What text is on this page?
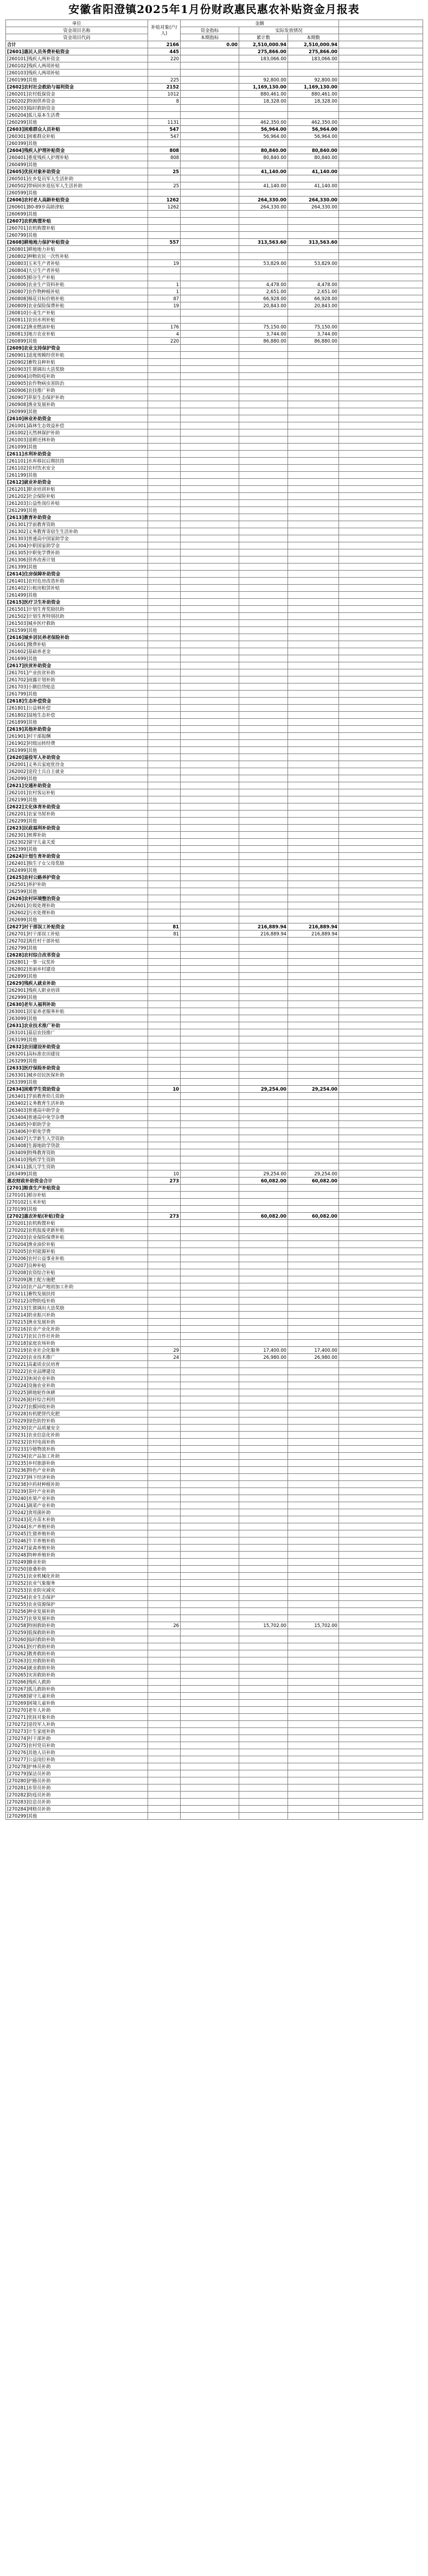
安徽省阳澄镇2025年1月份财政惠民惠农补贴资金月报表
单位	补贴对象(户/人)	金额			
资金项目名称		资金指标	实际发放情况		
资金项目代码		本期指标	累计数	本期数	
合计	2166	0.00	2,510,000.94	2,510,000.94	
[2601]惠民人员务费补贴资金	445		275,866.00	275,866.00	
[260101]残疾人两补资金	220		183,066.00	183,066.00	
[260102]残疾人两项补贴					
[260103]残疾人两项补贴					
[260199]其他	225		92,800.00	92,800.00	
[2602]农村社会救助与福利资金	2152		1,169,130.00	1,169,130.00	
[260201]农村低保资金	1012		880,461.00	880,461.00	
[260202]特困供养资金	8		18,328.00	18,328.00	
[260203]临时救助资金					
[260204]孤儿基本生活费					
[260299]其他	1131		462,350.00	462,350.00	
[2603]困难群众人员补贴	547		56,964.00	56,964.00	
[260301]困难群众补贴	547		56,964.00	56,964.00	
[260399]其他					
[2604]残疾人护理补贴资金	808		80,840.00	80,840.00	
[260401]重度残疾人护理补贴	808		80,840.00	80,840.00	
[260499]其他					
[2605]优抚对象补助资金	25		41,140.00	41,140.00	
[260501]在乡复员军人生活补助					
[260502]带病回乡退伍军人生活补助	25		41,140.00	41,140.00	
[260599]其他					
[2606]农村老人高龄补贴资金	1262		264,330.00	264,330.00	
[260601]80-89岁高龄津贴	1262		264,330.00	264,330.00	
[260699]其他					
[2607]农机购置补贴					
[260701]农机购置补贴					
[260799]其他					
[2608]耕地地力保护补贴资金	557		313,563.60	313,563.60	
[260801]耕地地力补贴					
[260802]种粮农民一次性补贴					
[260803]玉米生产者补贴	19		53,829.00	53,829.00	
[260804]大豆生产者补贴					
[260805]稻谷生产补贴					
[260806]农业生产资料补贴	1		4,478.00	4,478.00	
[260807]农作物种植补贴	1		2,651.00	2,651.00	
[260808]棉花目标价格补贴	87		66,928.00	66,928.00	
[260809]农业保险保费补贴	19		20,843.00	20,843.00	
[260810]小麦生产补贴					
[260811]农田水利补贴					
[260812]渔业燃油补贴	176		75,150.00	75,150.00	
[260813]地方农业补贴	4		3,744.00	3,744.00	
[260899]其他	220		86,880.00	86,880.00	
[2609]农业支持保护资金					
[260901]适度规模经营补贴					
[260902]畜牧良种补贴					
[260903]生猪调出大县奖励					
[260904]动物防疫补助					
[260905]农作物病虫害防治					
[260906]农技推广补助					
[260907]草原生态保护补助					
[260908]渔业发展补助					
[260999]其他					
[2610]林业补助资金					
[261001]森林生态效益补偿					
[261002]天然林保护补助					
[261003]退耕还林补助					
[261099]其他					
[2611]水利补助资金					
[261101]水库移民后期扶持					
[261102]农村饮水安全					
[261199]其他					
[2612]就业补助资金					
[261201]职业培训补贴					
[261202]社会保险补贴					
[261203]公益性岗位补贴					
[261299]其他					
[2613]教育补助资金					
[261301]学前教育资助					
[261302]义务教育寄宿生生活补助					
[261303]普通高中国家助学金					
[261304]中职国家助学金					
[261305]中职免学费补助					
[261306]营养改善计划					
[261399]其他					
[2614]住房保障补助资金					
[261401]农村危房改造补助					
[261402]公租房租赁补贴					
[261499]其他					
[2615]医疗卫生补助资金					
[261501]计划生育奖励扶助					
[261502]计划生育特别扶助					
[261503]城乡医疗救助					
[261599]其他					
[2616]城乡居民养老保险补助					
[261601]缴费补贴					
[261602]基础养老金					
[261699]其他					
[2617]扶贫补助资金					
[261701]产业扶贫补助					
[261702]雨露计划补助					
[261703]小额信贷贴息					
[261799]其他					
[2618]生态补偿资金					
[261801]公益林补偿					
[261802]湿地生态补偿					
[261899]其他					
[2619]其他补助资金					
[261901]村干部报酬					
[261902]村级运转经费					
[261999]其他					
[2620]退役军人补助资金					
[262001]义务兵家庭优待金					
[262002]退役士兵自主就业					
[262099]其他					
[2621]交通补助资金					
[262101]农村客运补贴					
[262199]其他					
[2622]文化体育补助资金					
[262201]农家书屋补助					
[262299]其他					
[2623]民政福利补助资金					
[262301]殡葬补助					
[262302]留守儿童关爱					
[262399]其他					
[2624]计划生育补助资金					
[262401]独生子女父母奖励					
[262499]其他					
[2625]农村公路养护资金					
[262501]养护补助					
[262599]其他					
[2626]农村环境整治资金					
[262601]垃圾处理补助					
[262602]污水处理补助					
[262699]其他					
[2627]村干部误工补贴资金	81		216,889.94	216,889.94	
[262701]村干部误工补贴	81		216,889.94	216,889.94	
[262702]离任村干部补贴					
[262799]其他					
[2628]农村综合改革资金					
[262801]一事一议奖补					
[262802]美丽乡村建设					
[262899]其他					
[2629]残疾人就业补助					
[262901]残疾人职业培训					
[262999]其他					
[2630]老年人福利补助					
[263001]居家养老服务补贴					
[263099]其他					
[2631]农业技术推广补助					
[263101]基层农技推广					
[263199]其他					
[2632]农田建设补助资金					
[263201]高标准农田建设					
[263299]其他					
[2633]医疗保险补助资金					
[263301]城乡居民医保补助					
[263399]其他					
[2634]困难学生资助资金	10		29,254.00	29,254.00	
[263401]学前教育幼儿资助					
[263402]义务教育生活补助					
[263403]普通高中助学金					
[263404]普通高中免学杂费					
[263405]中职助学金					
[263406]中职免学费					
[263407]大学新生入学资助					
[263408]生源地助学贷款					
[263409]特殊教育资助					
[263410]残疾学生资助					
[263411]孤儿学生资助					
[263499]其他	10		29,254.00	29,254.00	
惠农财政补助资金合计	273		60,082.00	60,082.00	
[2701]粮食生产补贴资金					
[270101]稻谷补贴					
[270102]玉米补贴					
[270199]其他					
[2702]惠农补贴(补贴)资金	273		60,082.00	60,082.00	
[270201]农机购置补贴					
[270202]农机报废更新补贴					
[270203]农业保险保费补贴					
[270204]渔业油价补贴					
[270205]农村能源补贴					
[270206]农村公益事业补贴					
[270207]良种补贴					
[270208]农资综合补贴					
[270209]测土配方施肥					
[270210]农产品产地初加工补助					
[270211]畜牧发展扶持					
[270212]动物防疫补助					
[270213]生猪调出大县奖励					
[270214]奶业振兴补助					
[270215]渔业发展补助					
[270216]农业产业化补助					
[270217]农民合作社补助					
[270218]家庭农场补助					
[270219]农业社会化服务	29		17,400.00	17,400.00	
[270220]农业技术推广	24		26,980.00	26,980.00	
[270221]高素质农民培育					
[270222]农业品牌建设					
[270223]休闲农业补助					
[270224]设施农业补助					
[270225]耕地轮作休耕					
[270226]秸秆综合利用					
[270227]农膜回收补助					
[270228]有机肥替代化肥					
[270229]绿色防控补助					
[270230]农产品质量安全					
[270231]农业信息化补助					
[270232]农村电商补助					
[270233]冷链物流补助					
[270234]农产品加工补助					
[270235]乡村旅游补助					
[270236]特色产业补助					
[270237]林下经济补助					
[270238]中药材种植补助					
[270239]茶叶产业补助					
[270240]水果产业补助					
[270241]蔬菜产业补助					
[270242]食用菌补助					
[270243]花卉苗木补助					
[270244]水产养殖补助					
[270245]生猪养殖补助					
[270246]牛羊养殖补助					
[270247]家禽养殖补助					
[270248]特种养殖补助					
[270249]蜂业补助					
[270250]蚕桑补助					
[270251]农业机械化补助					
[270252]农业气象服务					
[270253]农业防灾减灾					
[270254]农业生态保护					
[270255]农业资源保护					
[270256]种业发展补助					
[270257]农垦发展补助					
[270258]特困救助补助	26		15,702.00	15,702.00	
[270259]低保救助补助					
[270260]临时救助补助					
[270261]医疗救助补助					
[270262]教育救助补助					
[270263]住房救助补助					
[270264]就业救助补助					
[270265]灾害救助补助					
[270266]残疾人救助					
[270267]孤儿救助补助					
[270268]留守儿童补助					
[270269]困境儿童补助					
[270270]老年人补助					
[270271]优抚对象补助					
[270272]退役军人补助					
[270273]计生家庭补助					
[270274]村干部补助					
[270275]农村党员补助					
[270276]其他人员补助					
[270277]公益岗位补助					
[270278]护林员补助					
[270279]保洁员补助					
[270280]护路员补助					
[270281]水管员补助					
[270282]防疫员补助					
[270283]信息员补助					
[270284]网格员补助					
[270299]其他					
